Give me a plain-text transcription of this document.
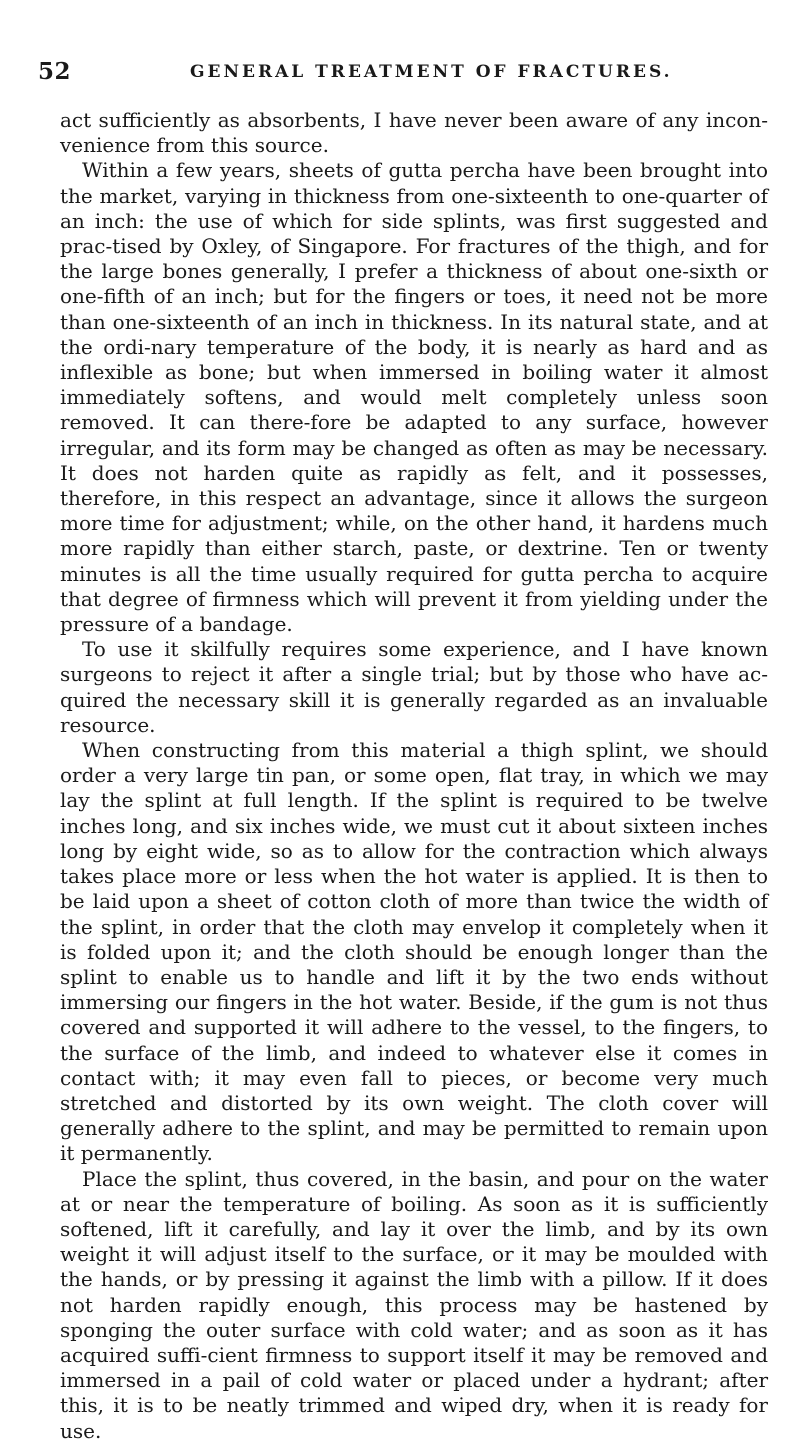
52	GENERAL TREATMENT OF FRACTURES.

act sufficiently as absorbents, I have never been aware of any incon-venience from this source.

Within a few years, sheets of gutta percha have been brought into the market, varying in thickness from one-sixteenth to one-quarter of an inch: the use of which for side splints, was first suggested and prac-tised by Oxley, of Singapore. For fractures of the thigh, and for the large bones generally, I prefer a thickness of about one-sixth or one-fifth of an inch; but for the fingers or toes, it need not be more than one-sixteenth of an inch in thickness. In its natural state, and at the ordi-nary temperature of the body, it is nearly as hard and as inflexible as bone; but when immersed in boiling water it almost immediately softens, and would melt completely unless soon removed. It can there-fore be adapted to any surface, however irregular, and its form may be changed as often as may be necessary. It does not harden quite as rapidly as felt, and it possesses, therefore, in this respect an advantage, since it allows the surgeon more time for adjustment; while, on the other hand, it hardens much more rapidly than either starch, paste, or dextrine. Ten or twenty minutes is all the time usually required for gutta percha to acquire that degree of firmness which will prevent it from yielding under the pressure of a bandage.

To use it skilfully requires some experience, and I have known surgeons to reject it after a single trial; but by those who have ac-quired the necessary skill it is generally regarded as an invaluable resource.

When constructing from this material a thigh splint, we should order a very large tin pan, or some open, flat tray, in which we may lay the splint at full length. If the splint is required to be twelve inches long, and six inches wide, we must cut it about sixteen inches long by eight wide, so as to allow for the contraction which always takes place more or less when the hot water is applied. It is then to be laid upon a sheet of cotton cloth of more than twice the width of the splint, in order that the cloth may envelop it completely when it is folded upon it; and the cloth should be enough longer than the splint to enable us to handle and lift it by the two ends without immersing our fingers in the hot water. Beside, if the gum is not thus covered and supported it will adhere to the vessel, to the fingers, to the surface of the limb, and indeed to whatever else it comes in contact with; it may even fall to pieces, or become very much stretched and distorted by its own weight. The cloth cover will generally adhere to the splint, and may be permitted to remain upon it permanently.

Place the splint, thus covered, in the basin, and pour on the water at or near the temperature of boiling. As soon as it is sufficiently softened, lift it carefully, and lay it over the limb, and by its own weight it will adjust itself to the surface, or it may be moulded with the hands, or by pressing it against the limb with a pillow. If it does not harden rapidly enough, this process may be hastened by sponging the outer surface with cold water; and as soon as it has acquired suffi-cient firmness to support itself it may be removed and immersed in a pail of cold water or placed under a hydrant; after this, it is to be neatly trimmed and wiped dry, when it is ready for use.
